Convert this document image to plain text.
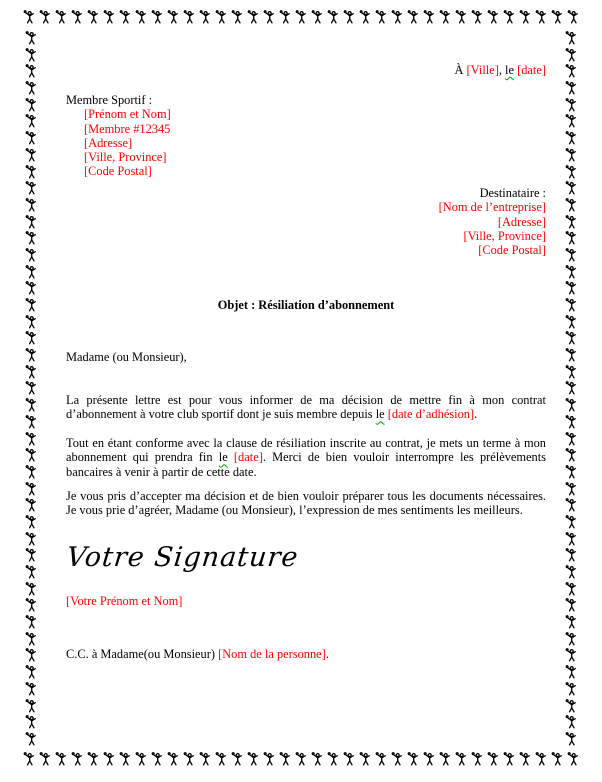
À [Ville], le [date]
Membre Sportif :
[Prénom et Nom]
[Membre #12345
[Adresse]
[Ville, Province]
[Code Postal]
Destinataire :
[Nom de l’entreprise]
[Adresse]
[Ville, Province]
[Code Postal]
Objet : Résiliation d’abonnement
Madame (ou Monsieur),

La présente lettre est pour vous informer de ma décision de mettre fin à mon contrat d’abonnement à votre club sportif dont je suis membre depuis le [date d’adhésion].

Tout en étant conforme avec la clause de résiliation inscrite au contrat, je mets un terme à mon abonnement qui prendra fin le [date]. Merci de bien vouloir interrompre les prélèvements bancaires à venir à partir de cette date.

Je vous pris d’accepter ma décision et de bien vouloir préparer tous les documents nécessaires. Je vous prie d’agréer, Madame (ou Monsieur), l’expression de mes sentiments les meilleurs.

Votre Signature
[Votre Prénom et Nom]
C.C. à Madame(ou Monsieur) [Nom de la personne].
